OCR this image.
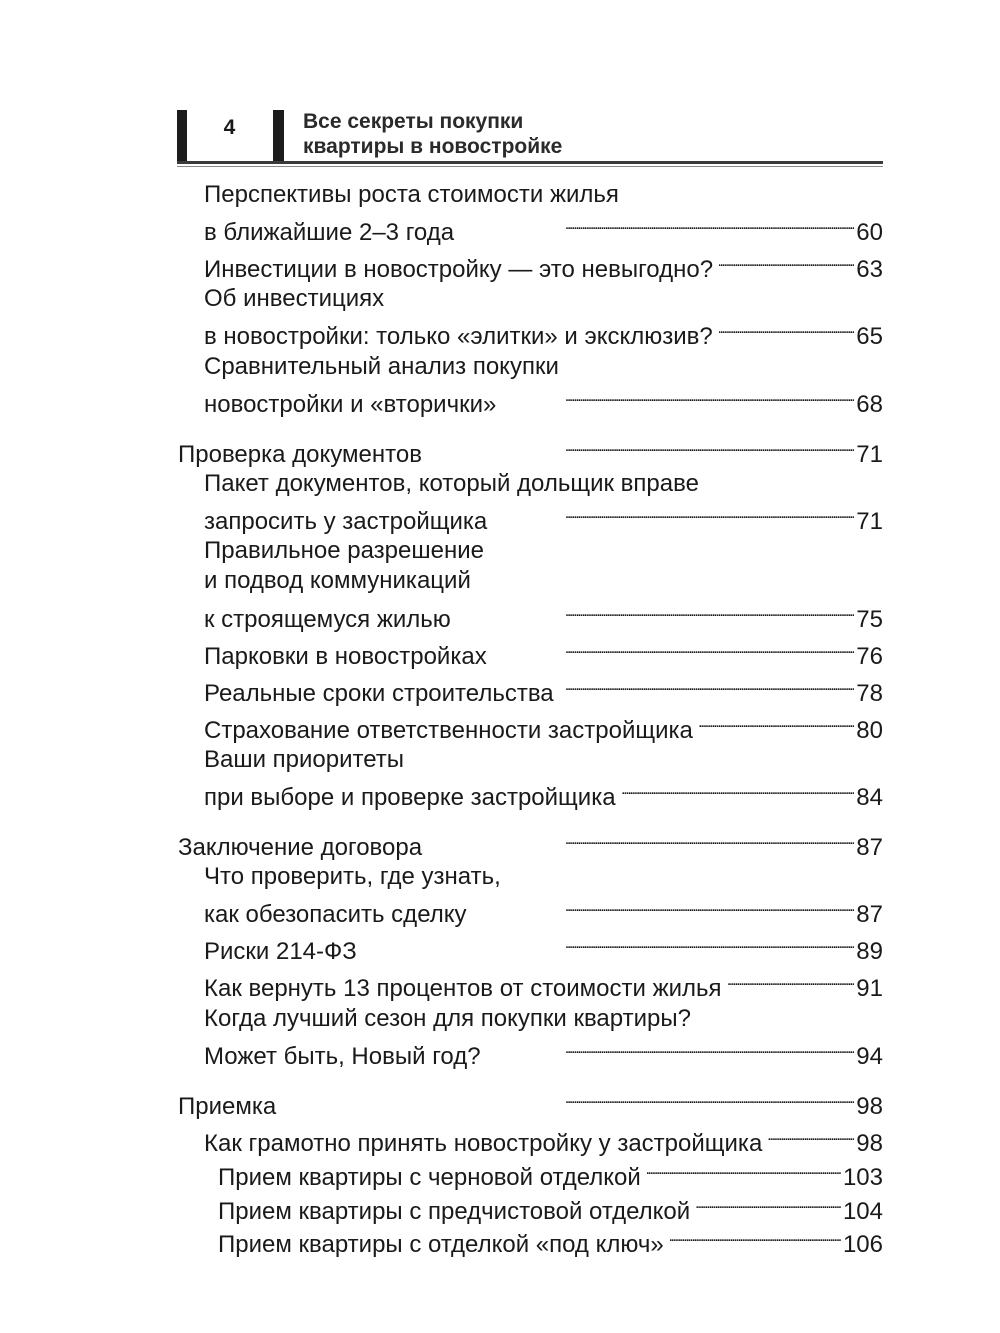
4	Все секреты покупки
квартиры в новостройке
Перспективы роста стоимости жилья
в ближайшие 2–3 года . . .	60
Инвестиции в новостройку — это невыгодно? . . .	63
Об инвестициях
в новостройки: только «элитки» и эксклюзив? . . .	65
Сравнительный анализ покупки
новостройки и «вторички» . . .	68
Проверка документов . . .	71
Пакет документов, который дольщик вправе
запросить у застройщика . . .	71
Правильное разрешение
и подвод коммуникаций
к строящемуся жилью . . .	75
Парковки в новостройках . . .	76
Реальные сроки строительства . . .	78
Страхование ответственности застройщика . . .	80
Ваши приоритеты
при выборе и проверке застройщика . . .	84
Заключение договора . . .	87
Что проверить, где узнать,
как обезопасить сделку . . .	87
Риски 214-ФЗ . . .	89
Как вернуть 13 процентов от стоимости жилья . . .	91
Когда лучший сезон для покупки квартиры?
Может быть, Новый год? . . .	94
Приемка . . .	98
Как грамотно принять новостройку у застройщика . . .	98
Прием квартиры с черновой отделкой . . .	103
Прием квартиры с предчистовой отделкой . . .	104
Прием квартиры с отделкой «под ключ» . . .	106
